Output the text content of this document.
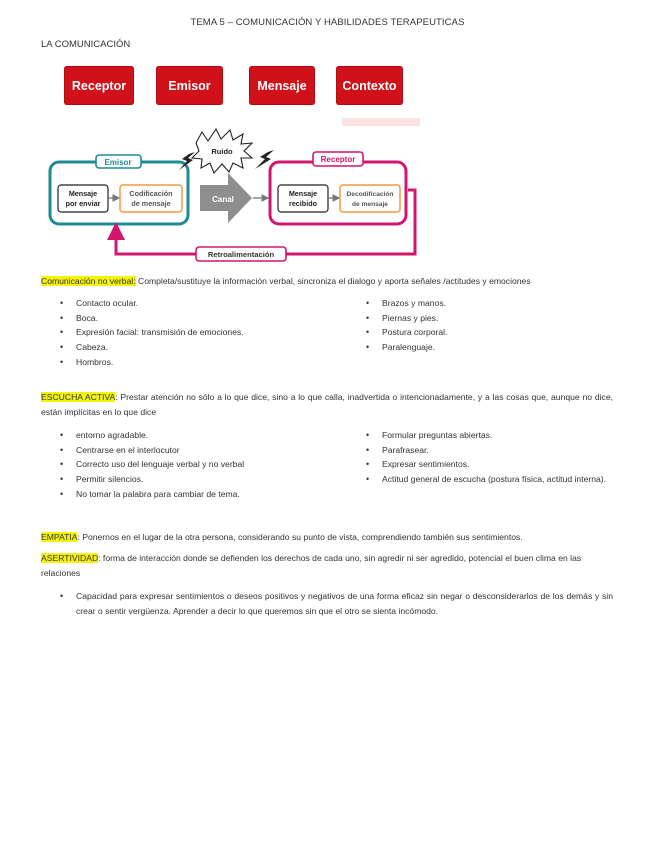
TEMA 5 – COMUNICACIÓN Y HABILIDADES TERAPEUTICAS
LA COMUNICACIÓN
Receptor	Emisor	Mensaje	Contexto
Emisor
Mensaje
por enviar
Codificación
de mensaje	Canal
Ruido
Receptor
Mensaje
recibido
Decodificación
de mensaje
Retroalimentación
Comunicación no verbal: Completa/sustituye la información verbal, sincroniza el dialogo y aporta señales /actitudes y emociones
• Contacto ocular.
• Boca.
• Expresión facial: transmisión de emociones.
• Cabeza.
• Hombros.
• Brazos y manos.
• Piernas y pies.
• Postura corporal.
• Paralenguaje.
ESCUCHA ACTIVA: Prestar atención no sólo a lo que dice, sino a lo que calla, inadvertida o intencionadamente, y a las cosas que, aunque no dice, están implícitas en lo que dice
• entorno agradable.
• Centrarse en el interlocutor
• Correcto uso del lenguaje verbal y no verbal
• Permitir silencios.
• No tomar la palabra para cambiar de tema.
• Formular preguntas abiertas.
• Parafrasear.
• Expresar sentimientos.
• Actitud general de escucha (postura física, actitud interna).
EMPATIA: Ponernos en el lugar de la otra persona, considerando su punto de vista, comprendiendo también sus sentimientos.
ASERTIVIDAD: forma de interacción donde se defienden los derechos de cada uno, sin agredir ni ser agredido, potencial el buen clima en las relaciones
• Capacidad para expresar sentimientos o deseos positivos y negativos de una forma eficaz sin negar o desconsiderarlos de los demás y sin crear o sentir vergüenza. Aprender a decir lo que queremos sin que el otro se sienta incómodo.
